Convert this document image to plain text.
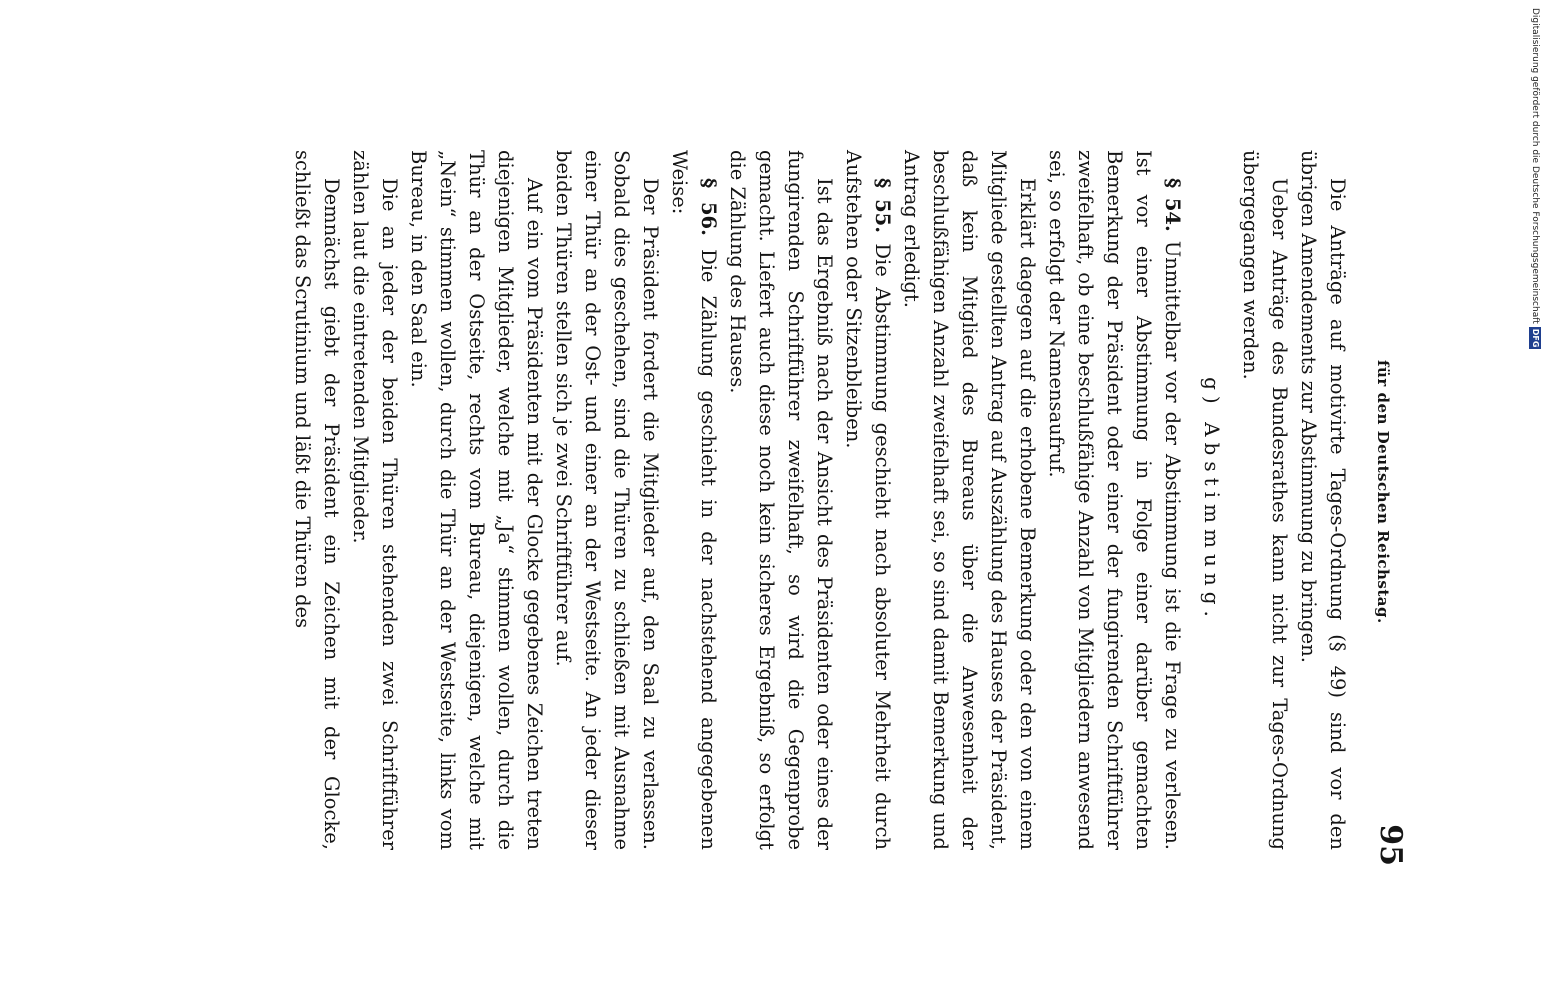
für den Deutschen Reichstag.
95

Die Anträge auf motivirte Tages-Ordnung (§ 49) sind vor den übrigen Amendements zur Abstimmung zu bringen.

Ueber Anträge des Bundesrathes kann nicht zur Tages-Ordnung übergegangen werden.

g) Abstimmung.

§ 54. Unmittelbar vor der Abstimmung ist die Frage zu verlesen. Ist vor einer Abstimmung in Folge einer darüber gemachten Bemerkung der Präsident oder einer der fungirenden Schriftführer zweifelhaft, ob eine beschlußfähige Anzahl von Mitgliedern anwesend sei, so erfolgt der Namensaufruf.

Erklärt dagegen auf die erhobene Bemerkung oder den von einem Mitgliede gestellten Antrag auf Auszählung des Hauses der Präsident, daß kein Mitglied des Bureaus über die Anwesenheit der beschlußfähigen Anzahl zweifelhaft sei, so sind damit Bemerkung und Antrag erledigt.

§ 55. Die Abstimmung geschieht nach absoluter Mehrheit durch Aufstehen oder Sitzenbleiben.

Ist das Ergebniß nach der Ansicht des Präsidenten oder eines der fungirenden Schriftführer zweifelhaft, so wird die Gegenprobe gemacht. Liefert auch diese noch kein sicheres Ergebniß, so erfolgt die Zählung des Hauses.

§ 56. Die Zählung geschieht in der nachstehend angegebenen Weise:

Der Präsident fordert die Mitglieder auf, den Saal zu verlassen. Sobald dies geschehen, sind die Thüren zu schließen mit Ausnahme einer Thür an der Ost- und einer an der Westseite. An jeder dieser beiden Thüren stellen sich je zwei Schriftführer auf.

Auf ein vom Präsidenten mit der Glocke gegebenes Zeichen treten diejenigen Mitglieder, welche mit „Ja“ stimmen wollen, durch die Thür an der Ostseite, rechts vom Bureau, diejenigen, welche mit „Nein“ stimmen wollen, durch die Thür an der Westseite, links vom Bureau, in den Saal ein.

Die an jeder der beiden Thüren stehenden zwei Schriftführer zählen laut die eintretenden Mitglieder.

Demnächst giebt der Präsident ein Zeichen mit der Glocke, schließt das Scrutinium und läßt die Thüren des	Digitalisierung gefördert durch die Deutsche Forschungsgemeinschaft
DFG
